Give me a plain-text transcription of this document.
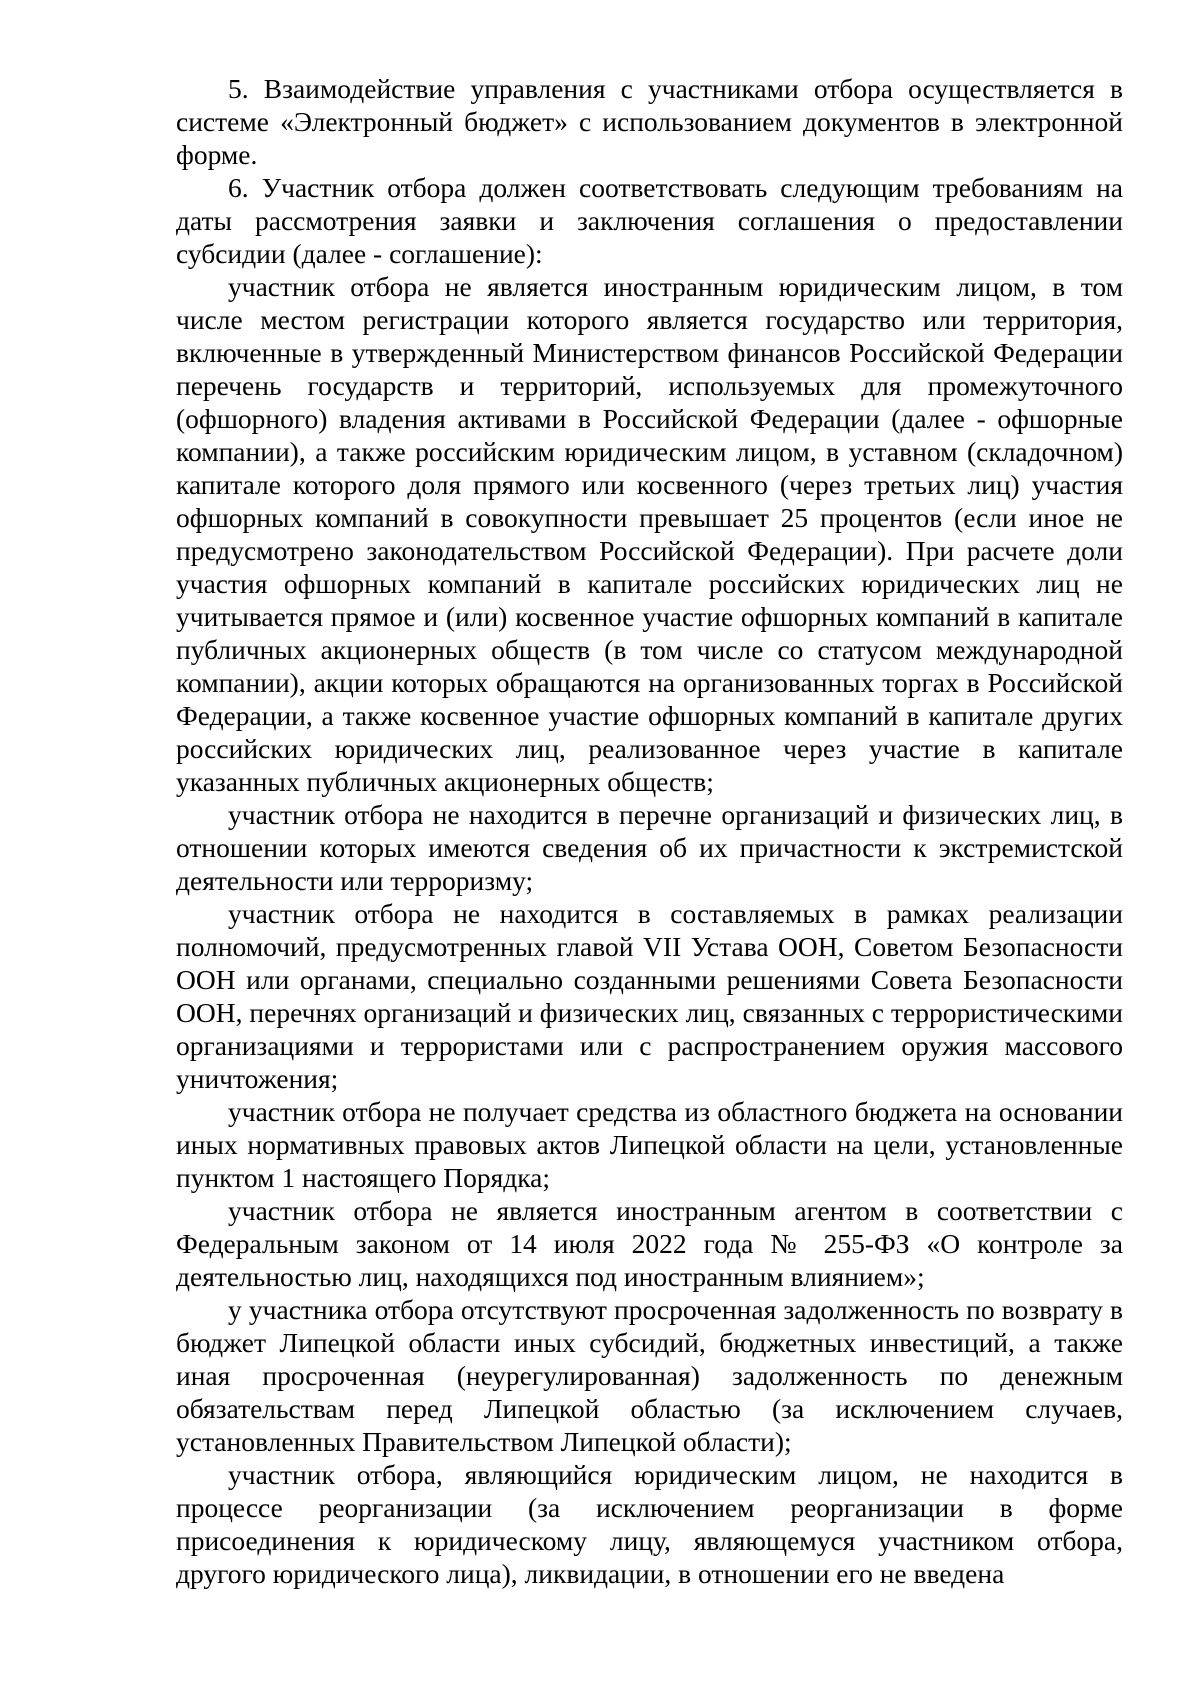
5. Взаимодействие управления с участниками отбора осуществляется в системе «Электронный бюджет» с использованием документов в электронной форме.

6. Участник отбора должен соответствовать следующим требованиям на даты рассмотрения заявки и заключения соглашения о предоставлении субсидии (далее - соглашение):

участник отбора не является иностранным юридическим лицом, в том числе местом регистрации которого является государство или территория, включенные в утвержденный Министерством финансов Российской Федерации перечень государств и территорий, используемых для промежуточного (офшорного) владения активами в Российской Федерации (далее - офшорные компании), а также российским юридическим лицом, в уставном (складочном) капитале которого доля прямого или косвенного (через третьих лиц) участия офшорных компаний в совокупности превышает 25 процентов (если иное не предусмотрено законодательством Российской Федерации). При расчете доли участия офшорных компаний в капитале российских юридических лиц не учитывается прямое и (или) косвенное участие офшорных компаний в капитале публичных акционерных обществ (в том числе со статусом международной компании), акции которых обращаются на организованных торгах в Российской Федерации, а также косвенное участие офшорных компаний в капитале других российских юридических лиц, реализованное через участие в капитале указанных публичных акционерных обществ;

участник отбора не находится в перечне организаций и физических лиц, в отношении которых имеются сведения об их причастности к экстремистской деятельности или терроризму;

участник отбора не находится в составляемых в рамках реализации полномочий, предусмотренных главой VII Устава ООН, Советом Безопасности ООН или органами, специально созданными решениями Совета Безопасности ООН, перечнях организаций и физических лиц, связанных с террористическими организациями и террористами или с распространением оружия массового уничтожения;

участник отбора не получает средства из областного бюджета на основании иных нормативных правовых актов Липецкой области на цели, установленные пунктом 1 настоящего Порядка;

участник отбора не является иностранным агентом в соответствии с Федеральным законом от 14 июля 2022 года № 255-ФЗ «О контроле за деятельностью лиц, находящихся под иностранным влиянием»;

у участника отбора отсутствуют просроченная задолженность по возврату в бюджет Липецкой области иных субсидий, бюджетных инвестиций, а также иная просроченная (неурегулированная) задолженность по денежным обязательствам перед Липецкой областью (за исключением случаев, установленных Правительством Липецкой области);

участник отбора, являющийся юридическим лицом, не находится в процессе реорганизации (за исключением реорганизации в форме присоединения к юридическому лицу, являющемуся участником отбора, другого юридического лица), ликвидации, в отношении его не введена
